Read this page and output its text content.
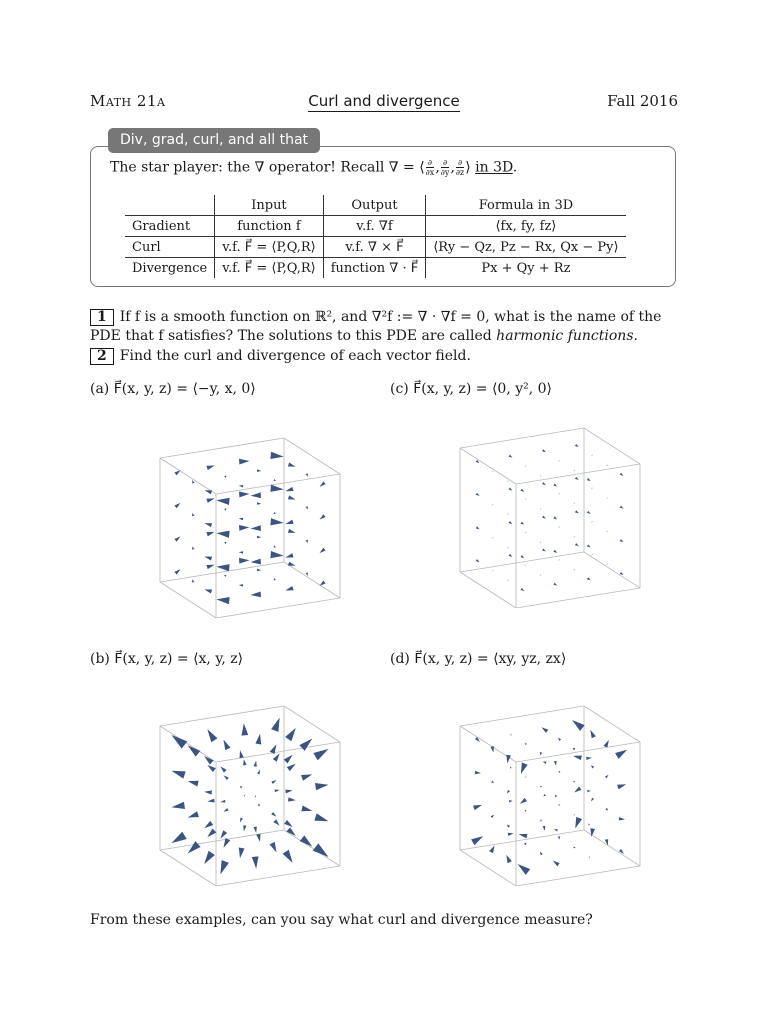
Math 21a	Curl and divergence	Fall 2016
Div, grad, curl, and all that
The star player: the ∇ operator! Recall ∇ = ⟨ $\frac{\partial}{\partial x}$ , $\frac{\partial}{\partial y}$ , $\frac{\partial}{\partial z}$ ⟩ in 3D.
	Input	Output	Formula in 3D
Gradient	function f	v.f. ∇f	⟨fx, fy, fz⟩
Curl	v.f. F⃗ = ⟨P,Q,R⟩	v.f. ∇ × F⃗	⟨Ry − Qz, Pz − Rx, Qx − Py⟩
Divergence	v.f. F⃗ = ⟨P,Q,R⟩	function ∇ · F⃗	Px + Qy + Rz
1 If f is a smooth function on ℝ², and ∇²f := ∇ · ∇f = 0, what is the name of the PDE that f satisfies? The solutions to this PDE are called harmonic functions.
2 Find the curl and divergence of each vector field.
(a) F⃗(x, y, z) = ⟨−y, x, 0⟩	(c) F⃗(x, y, z) = ⟨0, y², 0⟩
(b) F⃗(x, y, z) = ⟨x, y, z⟩	(d) F⃗(x, y, z) = ⟨xy, yz, zx⟩
From these examples, can you say what curl and divergence measure?
